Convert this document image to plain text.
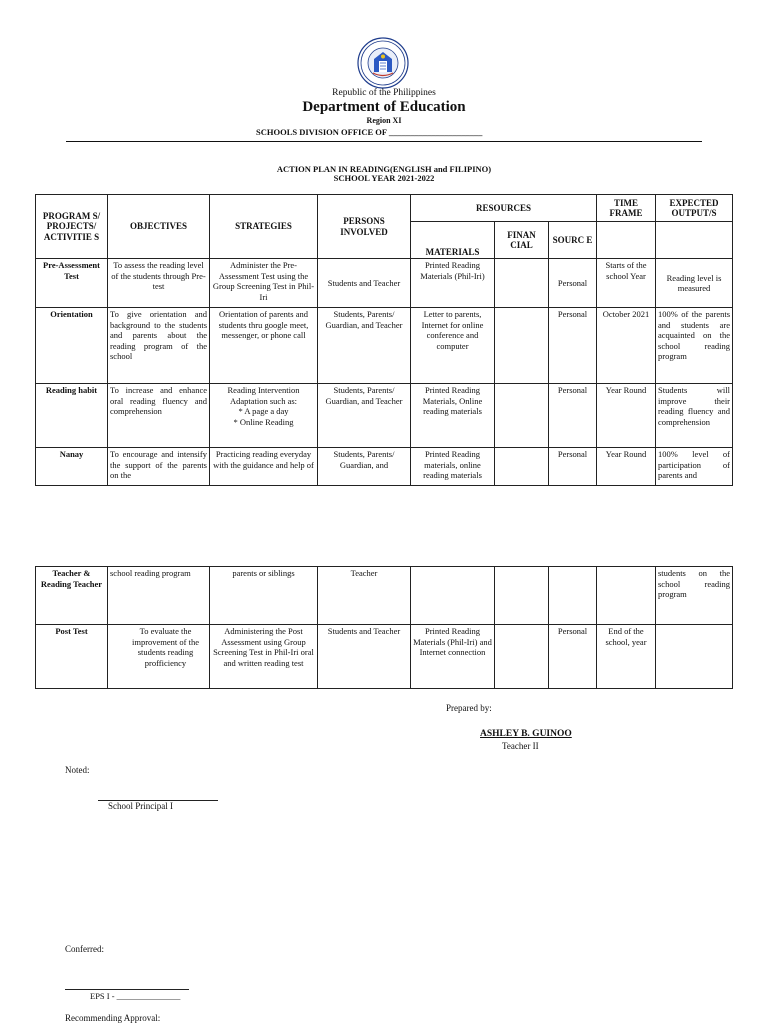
Republic of the Philippines
Department of Education
Region XI
SCHOOLS DIVISION OFFICE OF ______________________
ACTION PLAN IN READING(ENGLISH and FILIPINO)
SCHOOL YEAR 2021-2022
PROGRAM S/ PROJECTS/ ACTIVITIE S	OBJECTIVES	STRATEGIES	PERSONS INVOLVED	RESOURCES			TIME FRAME	EXPECTED OUTPUT/S
				MATERIALS	FINAN CIAL	SOURC E		
Pre-Assessment Test	To assess the reading level of the students through Pre-test	Administer the Pre-Assessment Test using the Group Screening Test in Phil-Iri	Students and Teacher	Printed Reading Materials (Phil-Iri)		Personal	Starts of the school Year	Reading level is measured
Orientation	To give orientation and background to the students and parents about the reading program of the school	Orientation of parents and students thru google meet, messenger, or phone call	Students, Parents/ Guardian, and Teacher	Letter to parents, Internet for online conference and computer		Personal	October 2021	100% of the parents and students are acquainted on the school reading program
Reading habit	To increase and enhance oral reading fluency and comprehension	Reading Intervention Adaptation such as:
* A page a day
* Online Reading	Students, Parents/ Guardian, and Teacher	Printed Reading Materials, Online reading materials		Personal	Year Round	Students will improve their reading fluency and comprehension
Nanay	To encourage and intensify the support of the parents on the	Practicing reading everyday with the guidance and help of	Students, Parents/ Guardian, and	Printed Reading materials, online reading materials		Personal	Year Round	100% level of participation of parents and
Teacher & Reading Teacher	school reading program	parents or siblings	Teacher					students on the school reading program
Post Test	To evaluate the improvement of the students reading profficiency	Administering the Post Assessment using Group Screening Test in Phil-Iri oral and written reading test	Students and Teacher	Printed Reading Materials (Phil-Iri) and Internet connection		Personal	End of the school, year	
Prepared by:
ASHLEY B. GUINOO
Teacher II
Noted:
School Principal I
Conferred:
EPS I - _______________
Recommending Approval:
